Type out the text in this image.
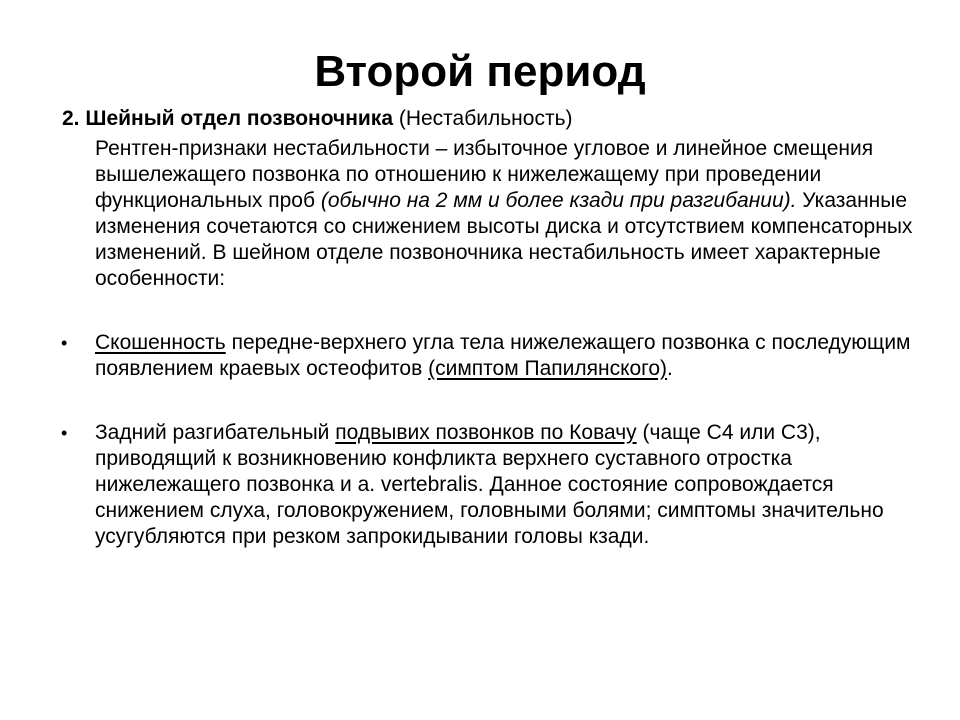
Второй период

2. Шейный отдел позвоночника (Нестабильность)

Рентген-признаки нестабильности – избыточное угловое и линейное смещения вышележащего позвонка по отношению к нижележащему при проведении функциональных проб (обычно на 2 мм и более кзади при разгибании). Указанные изменения сочетаются со снижением высоты диска и отсутствием компенсаторных изменений. В шейном отделе позвоночника нестабильность имеет характерные особенности:

• Скошенность передне-верхнего угла тела нижележащего позвонка с последующим появлением краевых остеофитов (симптом Папилянского).

• Задний разгибательный подвывих позвонков по Ковачу (чаще С4 или С3), приводящий к возникновению конфликта верхнего суставного отростка нижележащего позвонка и а. vertebralis. Данное состояние сопровождается снижением слуха, головокружением, головными болями; симптомы значительно усугубляются при резком запрокидывании головы кзади.
